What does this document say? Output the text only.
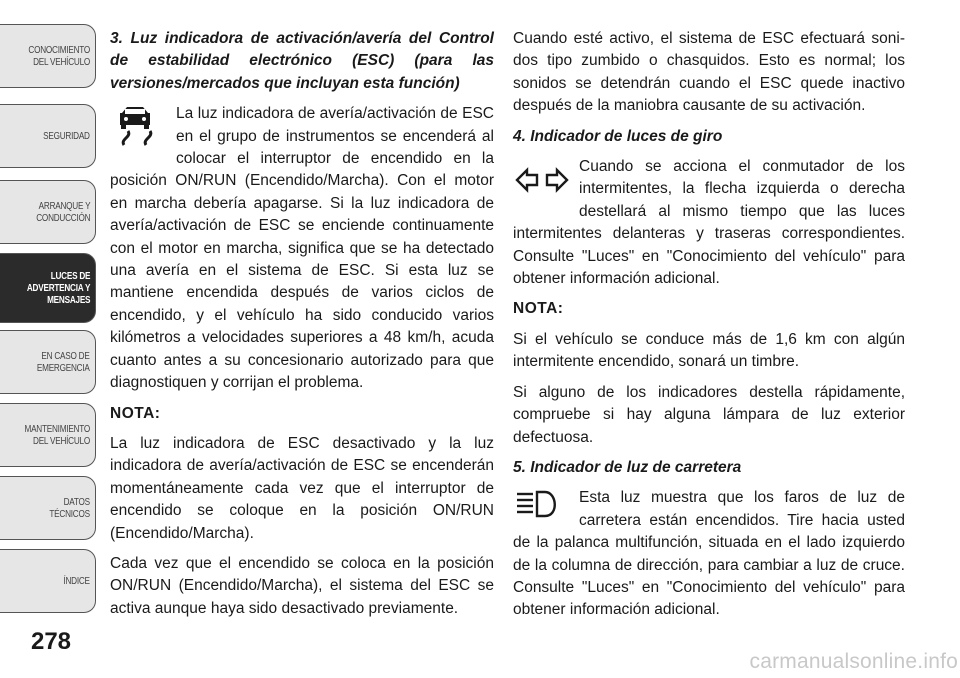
CONOCIMIENTO
DEL VEHÍCULO
SEGURIDAD
ARRANQUE Y
CONDUCCIÓN
LUCES DE
ADVERTENCIA Y
MENSAJES
EN CASO DE
EMERGENCIA
MANTENIMIENTO
DEL VEHÍCULO
DATOS
TÉCNICOS
ÍNDICE
278

3. Luz indicadora de activación/avería del Control de estabilidad electrónico (ESC) (para las versiones/mercados que incluyan esta función)

La luz indicadora de avería/activación de ESC en el grupo de instrumentos se encenderá al colocar el interruptor de encendido en la posición ON/RUN (Encendido/Marcha). Con el motor en marcha debería apagarse. Si la luz indicadora de avería/activación de ESC se enciende continuamente con el motor en marcha, significa que se ha detectado una avería en el sistema de ESC. Si esta luz se mantiene encendida después de varios ciclos de encendido, y el vehículo ha sido conducido varios kilómetros a velocidades superiores a 48 km/h, acuda cuanto antes a su concesionario autorizado para que diagnostiquen y corrijan el problema.

NOTA:

La luz indicadora de ESC desactivado y la luz indicadora de avería/activación de ESC se encenderán momentáneamente cada vez que el interruptor de encendido se coloque en la posición ON/RUN (Encendido/Marcha).

Cada vez que el encendido se coloca en la posición ON/RUN (Encendido/Marcha), el sistema del ESC se activa aunque haya sido desactivado previamente.

Cuando esté activo, el sistema de ESC efectuará soni-dos tipo zumbido o chasquidos. Esto es normal; los sonidos se detendrán cuando el ESC quede inactivo después de la maniobra causante de su activación.

4. Indicador de luces de giro

Cuando se acciona el conmutador de los intermitentes, la flecha izquierda o derecha destellará al mismo tiempo que las luces intermitentes delanteras y traseras correspondientes. Consulte "Luces" en "Conocimiento del vehículo" para obtener información adicional.

NOTA:

Si el vehículo se conduce más de 1,6 km con algún intermitente encendido, sonará un timbre.

Si alguno de los indicadores destella rápidamente, compruebe si hay alguna lámpara de luz exterior defectuosa.

5. Indicador de luz de carretera

Esta luz muestra que los faros de luz de carretera están encendidos. Tire hacia usted de la palanca multifunción, situada en el lado izquierdo de la columna de dirección, para cambiar a luz de cruce. Consulte "Luces" en "Conocimiento del vehículo" para obtener información adicional.

carmanualsonline.info
